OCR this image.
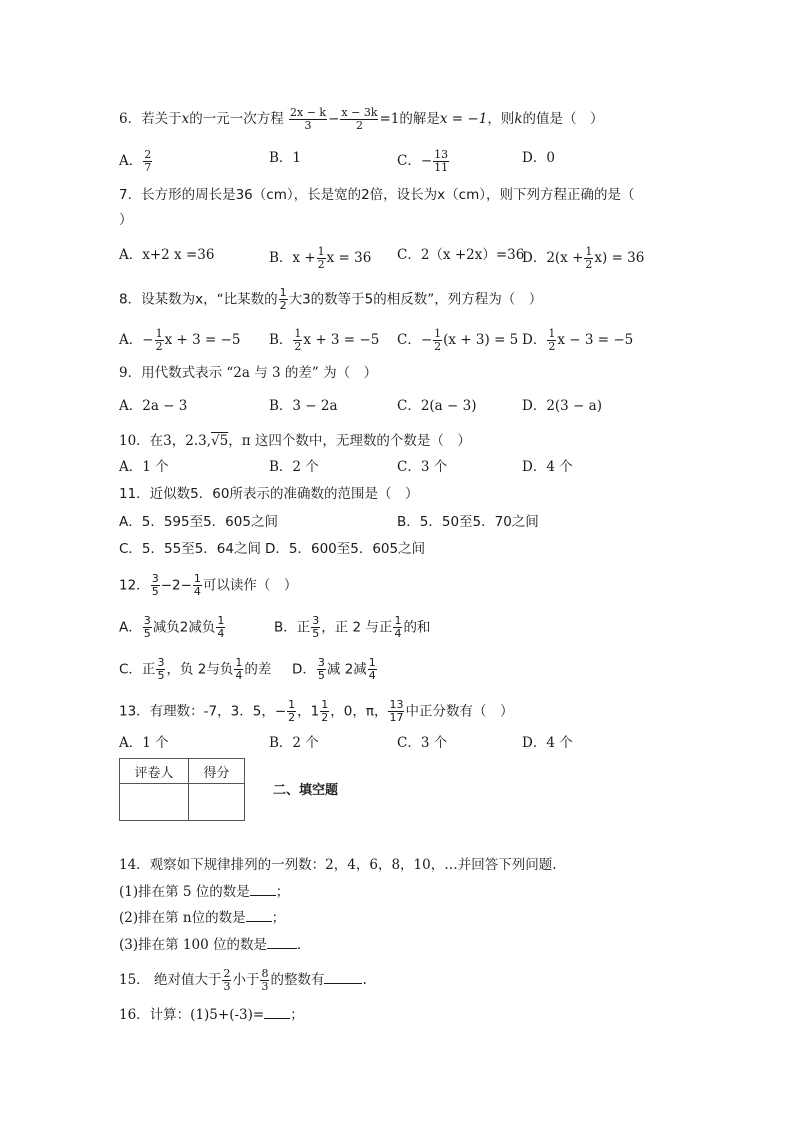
6．若关于x的一元一次方程 $\frac{2x - k}{3} - \frac{x - 3k}{2} =1$的解是x = −1，则k的值是（　）
A． $\frac{2}{7}$	B．1	C．− $\frac{13}{11}$	D．0
7．长方形的周长是36（cm），长是宽的2倍，设长为x（cm），则下列方程正确的是（
）
A．x+2 x =36	B．$x + \frac{1}{2}$ x = 36 C．2（x +2x）=36
D．$2(x + \frac{1}{2} x) = 36$
8．设某数为x，“比某数的 $\frac{1}{2}$ 大3的数等于5的相反数”，列方程为（　）
A．− $\frac{1}{2}$ x + 3 = −5 B． $\frac{1}{2}$ x + 3 = −5 C．− $\frac{1}{2} (x + 3) = 5$ D． $\frac{1}{2}$ x − 3 = −5
9．用代数式表示 “2a 与 3 的差” 为（　）
A．2a − 3	B．3 − 2a	C．2(a − 3)	D．2(3 − a)
10．在3，2.3,√5，π 这四个数中，无理数的个数是（　）
A．1 个	B．2 个	C．3 个	D．4 个
11．近似数5．60所表示的准确数的范围是（　）
A．5．595至5．605之间	B．5．50至5．70之间
C．5．55至5．64之间 D．5．600至5．605之间
12． $\frac{3}{5} -2- \frac{1}{4}$ 可以读作（　）
A． $\frac{3}{5}$ 减负2减负 $\frac{1}{4}$	B．正 $\frac{3}{5}$ ，正 2 与正 $\frac{1}{4}$ 的和
C．正 $\frac{3}{5}$ ，负 2与负 $\frac{1}{4}$ 的差 D． $\frac{3}{5}$ 减 2减 $\frac{1}{4}$
13．有理数：-7，3．5，− $\frac{1}{2}$ ，$1 \frac{1}{2}$ ，0，π， $\frac{13}{17}$ 中正分数有（　）
A．1 个	B．2 个	C．3 个	D．4 个
评卷人	得分

二、填空题
14．观察如下规律排列的一列数：2，4，6，8，10，…并回答下列问题.
(1)排在第 5 位的数是 ；
(2)排在第 n位的数是 ；
(3)排在第 100 位的数是 ．
15． 绝对值大于 $\frac{2}{3}$ 小于 $\frac{8}{3}$ 的整数有	.
16．计算：(1)5+(-3)= ；
